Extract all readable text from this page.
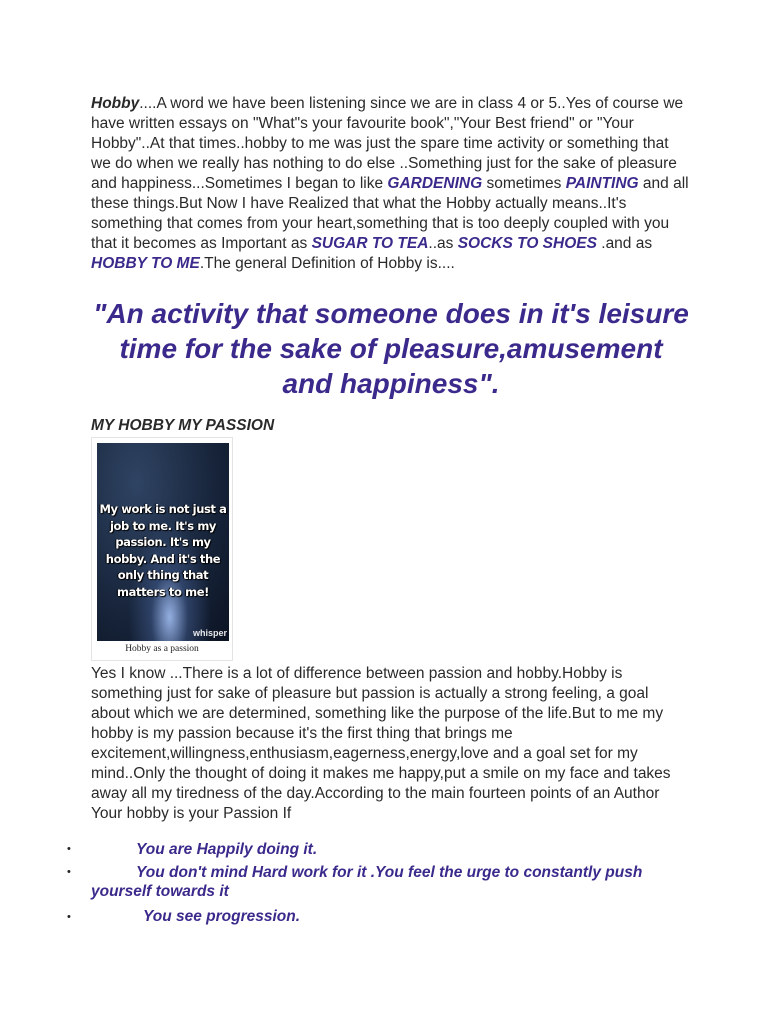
Hobby....A word we have been listening since we are in class 4 or 5..Yes of course we have written essays on "What"s your favourite book","Your Best friend" or "Your Hobby"..At that times..hobby to me was just the spare time activity or something that we do when we really has nothing to do else ..Something just for the sake of pleasure and happiness...Sometimes I began to like GARDENING sometimes PAINTING and all these things.But Now I have Realized that what the Hobby actually means..It's something that comes from your heart,something that is too deeply coupled with you that it becomes as Important as SUGAR TO TEA..as SOCKS TO SHOES .and as HOBBY TO ME.The general Definition of Hobby is....

"An activity that someone does in it's leisure time for the sake of pleasure,amusement and happiness".
MY HOBBY MY PASSION
My work is not just a job to me. It's my passion. It's my hobby. And it's the only thing that matters to me!
whisper
Hobby as a passion

Yes I know ...There is a lot of difference between passion and hobby.Hobby is something just for sake of pleasure but passion is actually a strong feeling, a goal about which we are determined, something like the purpose of the life.But to me my hobby is my passion because it's the first thing that brings me excitement,willingness,enthusiasm,eagerness,energy,love and a goal set for my mind..Only the thought of doing it makes me happy,put a smile on my face and takes away all my tiredness of the day.According to the main fourteen points of an Author Your hobby is your Passion If

•	You are Happily doing it.
•	You don't mind Hard work for it .You feel the urge to constantly push yourself towards it
•	You see progression.
